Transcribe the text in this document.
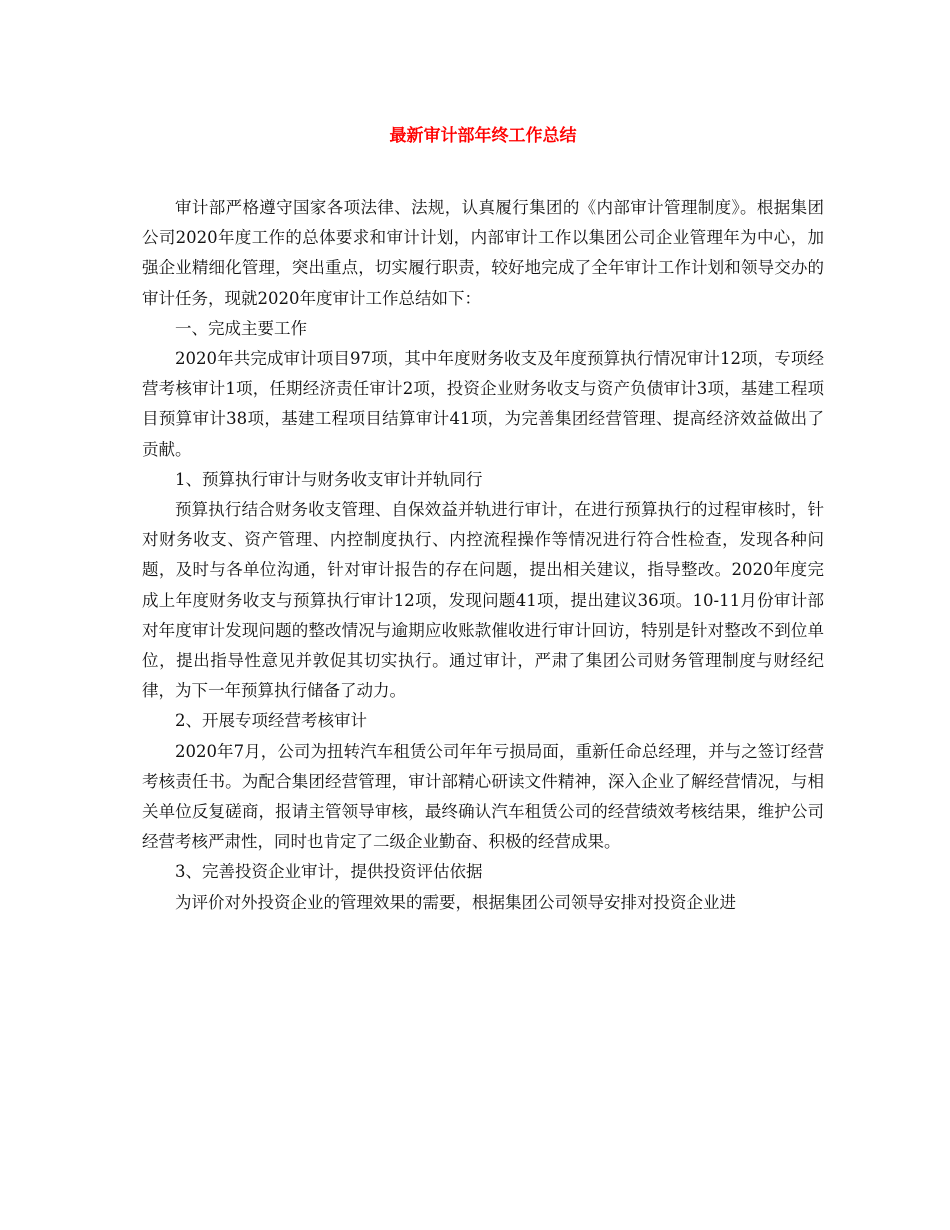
最新审计部年终工作总结

审计部严格遵守国家各项法律、法规，认真履行集团的《内部审计管理制度》。根据集团公司2020年度工作的总体要求和审计计划，内部审计工作以集团公司企业管理年为中心，加强企业精细化管理，突出重点，切实履行职责，较好地完成了全年审计工作计划和领导交办的审计任务，现就2020年度审计工作总结如下：

一、完成主要工作

2020年共完成审计项目97项，其中年度财务收支及年度预算执行情况审计12项，专项经营考核审计1项，任期经济责任审计2项，投资企业财务收支与资产负债审计3项，基建工程项目预算审计38项，基建工程项目结算审计41项，为完善集团经营管理、提高经济效益做出了贡献。

1、预算执行审计与财务收支审计并轨同行

预算执行结合财务收支管理、自保效益并轨进行审计，在进行预算执行的过程审核时，针对财务收支、资产管理、内控制度执行、内控流程操作等情况进行符合性检查，发现各种问题，及时与各单位沟通，针对审计报告的存在问题，提出相关建议，指导整改。2020年度完成上年度财务收支与预算执行审计12项，发现问题41项，提出建议36项。10-11月份审计部对年度审计发现问题的整改情况与逾期应收账款催收进行审计回访，特别是针对整改不到位单位，提出指导性意见并敦促其切实执行。通过审计，严肃了集团公司财务管理制度与财经纪律，为下一年预算执行储备了动力。

2、开展专项经营考核审计

2020年7月，公司为扭转汽车租赁公司年年亏损局面，重新任命总经理，并与之签订经营考核责任书。为配合集团经营管理，审计部精心研读文件精神，深入企业了解经营情况，与相关单位反复磋商，报请主管领导审核，最终确认汽车租赁公司的经营绩效考核结果，维护公司经营考核严肃性，同时也肯定了二级企业勤奋、积极的经营成果。

3、完善投资企业审计，提供投资评估依据

为评价对外投资企业的管理效果的需要，根据集团公司领导安排对投资企业进
